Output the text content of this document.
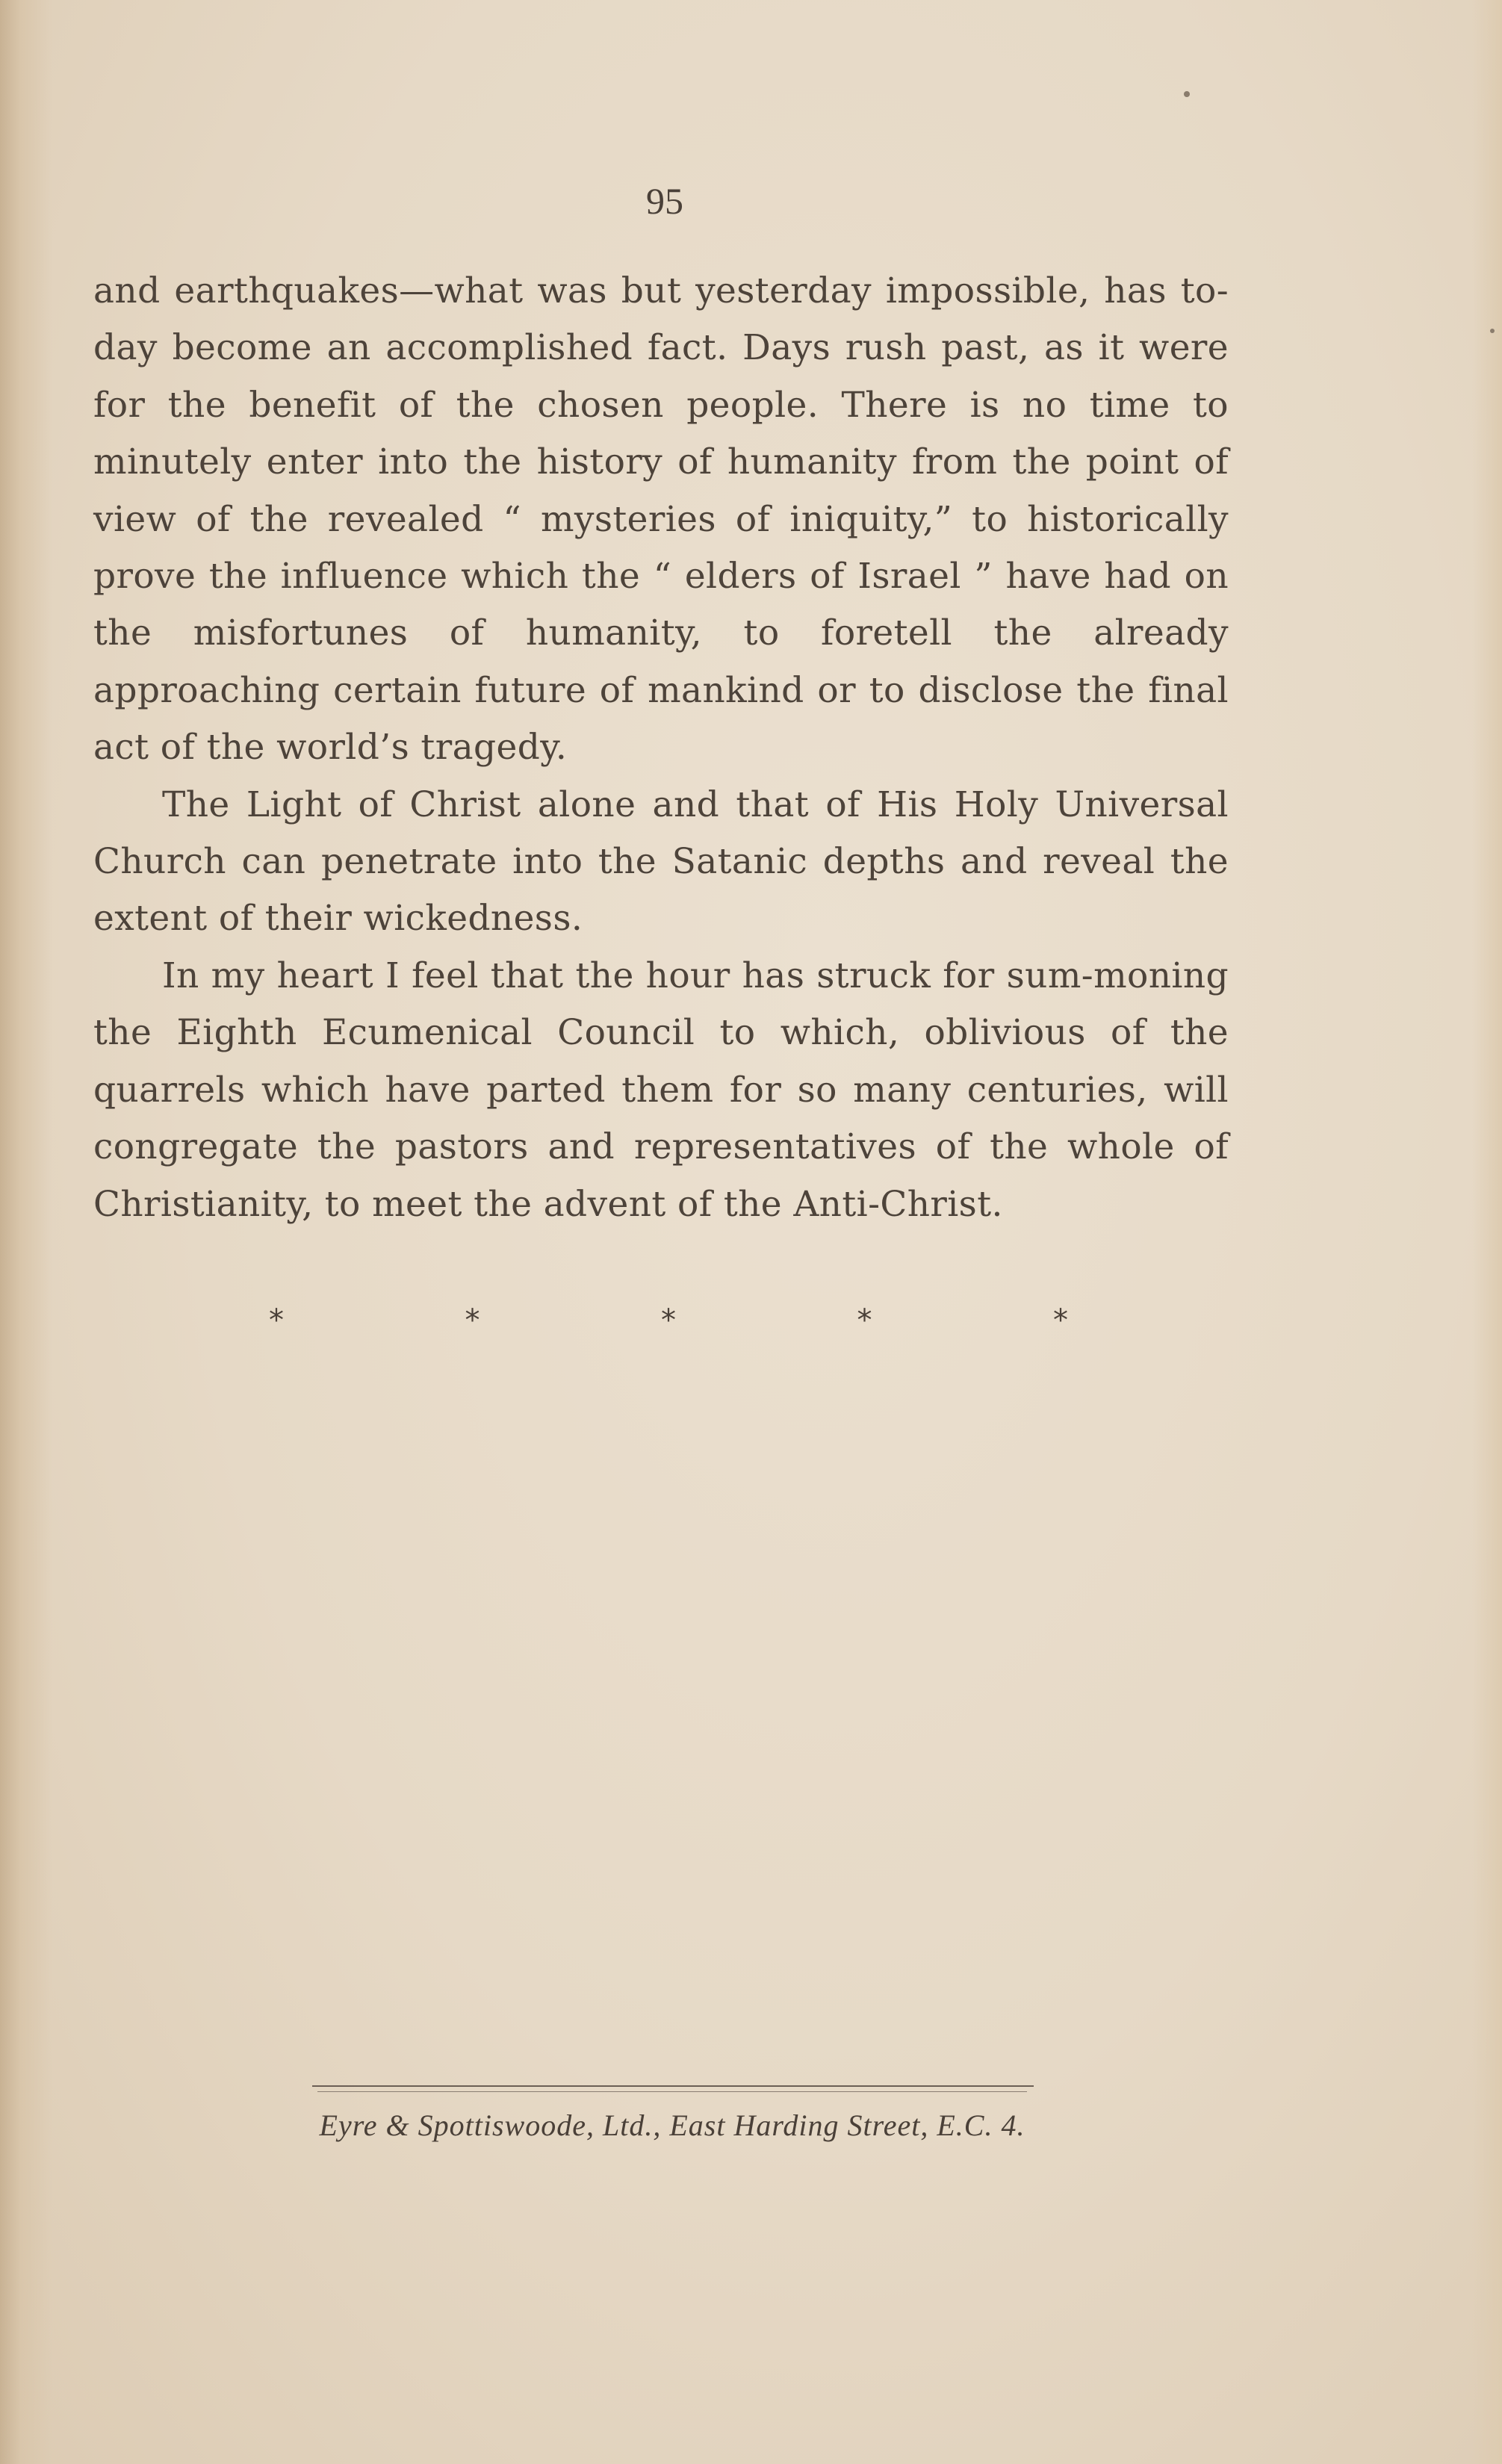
95

and earthquakes—what was but yesterday impossible, has to-day become an accomplished fact. Days rush past, as it were for the benefit of the chosen people. There is no time to minutely enter into the history of humanity from the point of view of the revealed “ mysteries of iniquity,” to historically prove the influence which the “ elders of Israel ” have had on the misfortunes of humanity, to foretell the already approaching certain future of mankind or to disclose the final act of the world’s tragedy.

The Light of Christ alone and that of His Holy Universal Church can penetrate into the Satanic depths and reveal the extent of their wickedness.

In my heart I feel that the hour has struck for sum-moning the Eighth Ecumenical Council to which, oblivious of the quarrels which have parted them for so many centuries, will congregate the pastors and representatives of the whole of Christianity, to meet the advent of the Anti-Christ.

*	*	*	*	*
Eyre & Spottiswoode, Ltd., East Harding Street, E.C. 4.
